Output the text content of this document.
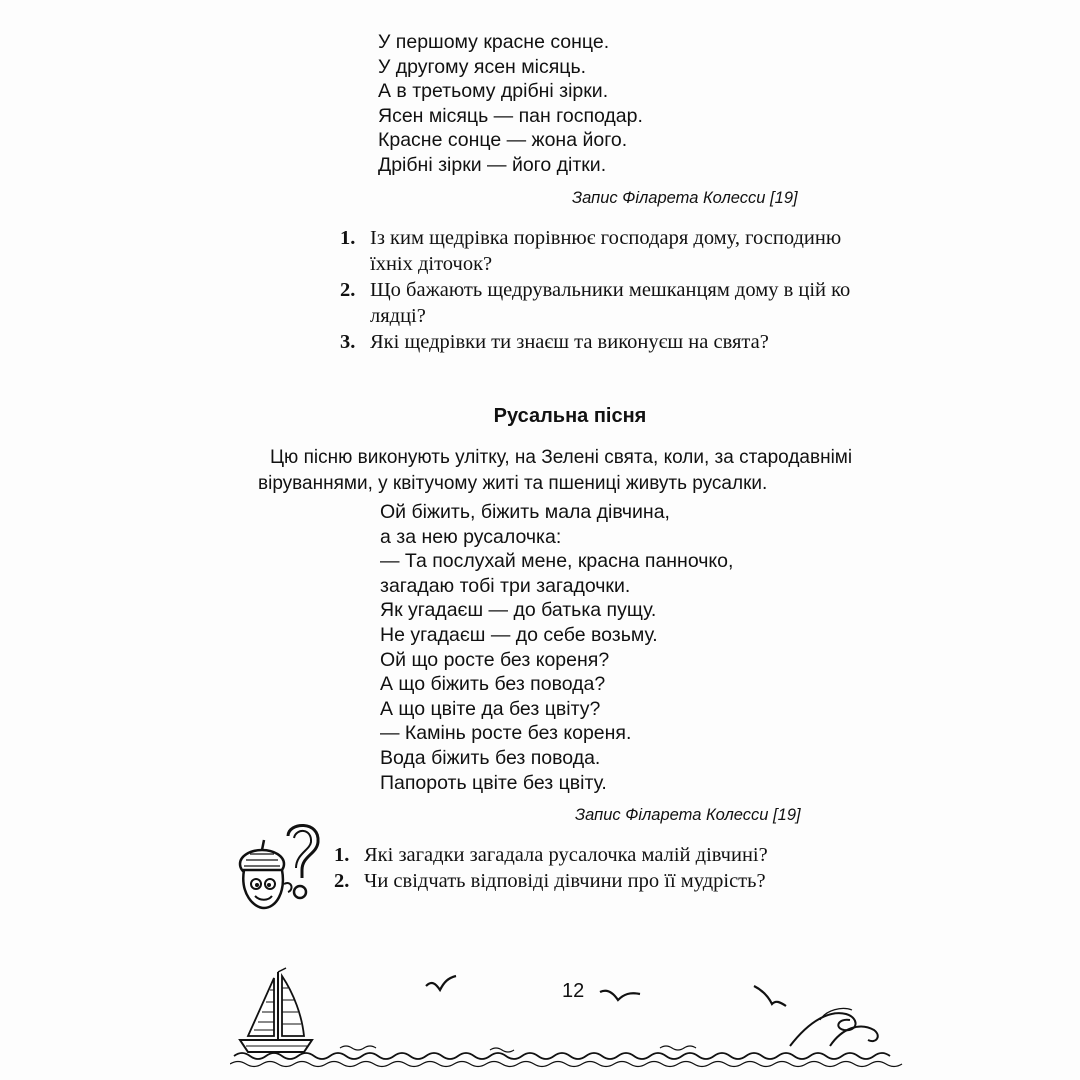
У першому красне сонце.
У другому ясен місяць.
А в третьому дрібні зірки.
Ясен місяць — пан господар.
Красне сонце — жона його.
Дрібні зірки — його дітки.
Запис Філарета Колесси [19]
1. Із ким щедрівка порівнює господаря дому, господиню
їхніх діточок?
2. Що бажають щедрувальники мешканцям дому в цій ко
лядці?
3. Які щедрівки ти знаєш та виконуєш на свята?
Русальна пісня
Цю пісню виконують улітку, на Зелені свята, коли, за стародавнімі
віруваннями, у квітучому житі та пшениці живуть русалки.
Ой біжить, біжить мала дівчина,
а за нею русалочка:
— Та послухай мене, красна панночко,
загадаю тобі три загадочки.
Як угадаєш — до батька пущу.
Не угадаєш — до себе возьму.
Ой що росте без кореня?
А що біжить без повода?
А що цвіте да без цвіту?
— Камінь росте без кореня.
Вода біжить без повода.
Папороть цвіте без цвіту.
Запис Філарета Колесси [19]
1. Які загадки загадала русалочка малій дівчині?
2. Чи свідчать відповіді дівчини про її мудрість?
12
